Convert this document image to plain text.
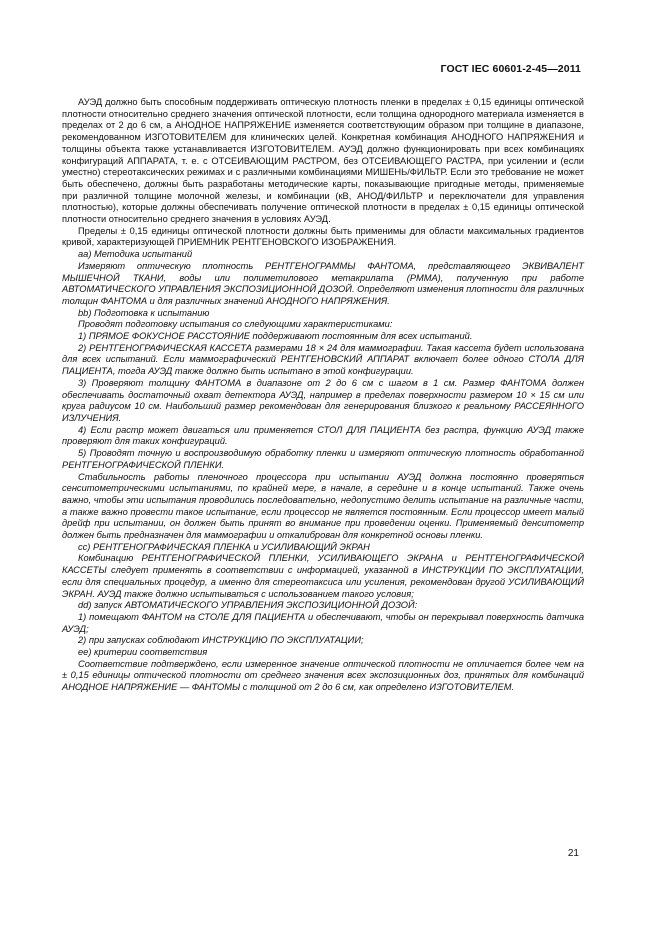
ГОСТ IEC 60601-2-45—2011

АУЭД должно быть способным поддерживать оптическую плотность пленки в пределах ± 0,15 единицы оптической плотности относительно среднего значения оптической плотности, если толщина однородного материала изменяется в пределах от 2 до 6 см, а АНОДНОЕ НАПРЯЖЕНИЕ изменяется соответствующим образом при толщине в диапазоне, рекомендованном ИЗГОТОВИТЕЛЕМ для клинических целей. Конкретная комбинация АНОДНОГО НАПРЯЖЕНИЯ и толщины объекта также устанавливается ИЗГОТОВИТЕЛЕМ. АУЭД должно функционировать при всех комбинациях конфигураций АППАРАТА, т. е. с ОТСЕИВАЮЩИМ РАСТРОМ, без ОТСЕИВАЮЩЕГО РАСТРА, при усилении и (если уместно) стереотаксических режимах и с различными комбинациями МИШЕНЬ/ФИЛЬТР. Если это требование не может быть обеспечено, должны быть разработаны методические карты, показывающие пригодные методы, применяемые при различной толщине молочной железы, и комбинации (кВ, АНОД/ФИЛЬТР и переключатели для управления плотностью), которые должны обеспечивать получение оптической плотности в пределах ± 0,15 единицы оптической плотности относительно среднего значения в условиях АУЭД.

Пределы ± 0,15 единицы оптической плотности должны быть применимы для области максимальных градиентов кривой, характеризующей ПРИЕМНИК РЕНТГЕНОВСКОГО ИЗОБРАЖЕНИЯ.

аа) Методика испытаний

Измеряют оптическую плотность РЕНТГЕНОГРАММЫ ФАНТОМА, представляющего ЭКВИВАЛЕНТ МЫШЕЧНОЙ ТКАНИ, воды или полиметилового метакрилата (РММА), полученную при работе АВТОМАТИЧЕСКОГО УПРАВЛЕНИЯ ЭКСПОЗИЦИОННОЙ ДОЗОЙ. Определяют изменения плотности для различных толщин ФАНТОМА и для различных значений АНОДНОГО НАПРЯЖЕНИЯ.

bb) Подготовка к испытанию

Проводят подготовку испытания со следующими характеристиками:

1) ПРЯМОЕ ФОКУСНОЕ РАССТОЯНИЕ поддерживают постоянным для всех испытаний.

2) РЕНТГЕНОГРАФИЧЕСКАЯ КАССЕТА размерами 18 × 24 для маммографии. Такая кассета будет использована для всех испытаний. Если маммографический РЕНТГЕНОВСКИЙ АППАРАТ включает более одного СТОЛА ДЛЯ ПАЦИЕНТА, тогда АУЭД также должно быть испытано в этой конфигурации.

3) Проверяют толщину ФАНТОМА в диапазоне от 2 до 6 см с шагом в 1 см. Размер ФАНТОМА должен обеспечивать достаточный охват детектора АУЭД, например в пределах поверхности размером 10 × 15 см или круга радиусом 10 см. Наибольший размер рекомендован для генерирования близкого к реальному РАССЕЯННОГО ИЗЛУЧЕНИЯ.

4) Если растр может двигаться или применяется СТОЛ ДЛЯ ПАЦИЕНТА без растра, функцию АУЭД также проверяют для таких конфигураций.

5) Проводят точную и воспроизводимую обработку пленки и измеряют оптическую плотность обработанной РЕНТГЕНОГРАФИЧЕСКОЙ ПЛЕНКИ.

Стабильность работы пленочного процессора при испытании АУЭД должна постоянно проверяться сенситометрическими испытаниями, по крайней мере, в начале, в середине и в конце испытаний. Также очень важно, чтобы эти испытания проводились последовательно, недопустимо делить испытание на различные части, а также важно провести такое испытание, если процессор не является постоянным. Если процессор имеет малый дрейф при испытании, он должен быть принят во внимание при проведении оценки. Применяемый денситометр должен быть предназначен для маммографии и откалиброван для конкретной основы пленки.

сс) РЕНТГЕНОГРАФИЧЕСКАЯ ПЛЕНКА и УСИЛИВАЮЩИЙ ЭКРАН

Комбинацию РЕНТГЕНОГРАФИЧЕСКОЙ ПЛЕНКИ, УСИЛИВАЮЩЕГО ЭКРАНА и РЕНТГЕНОГРАФИЧЕСКОЙ КАССЕТЫ следует применять в соответствии с информацией, указанной в ИНСТРУКЦИИ ПО ЭКСПЛУАТАЦИИ, если для специальных процедур, а именно для стереотаксиса или усиления, рекомендован другой УСИЛИВАЮЩИЙ ЭКРАН. АУЭД также должно испытываться с использованием такого условия;

dd) запуск АВТОМАТИЧЕСКОГО УПРАВЛЕНИЯ ЭКСПОЗИЦИОННОЙ ДОЗОЙ:

1) помещают ФАНТОМ на СТОЛЕ ДЛЯ ПАЦИЕНТА и обеспечивают, чтобы он перекрывал поверхность датчика АУЭД;

2) при запусках соблюдают ИНСТРУКЦИЮ ПО ЭКСПЛУАТАЦИИ;

ее) критерии соответствия

Соответствие подтверждено, если измеренное значение оптической плотности не отличается более чем на ± 0,15 единицы оптической плотности от среднего значения всех экспозиционных доз, принятых для комбинаций АНОДНОЕ НАПРЯЖЕНИЕ — ФАНТОМЫ с толщиной от 2 до 6 см, как определено ИЗГОТОВИТЕЛЕМ.

21
